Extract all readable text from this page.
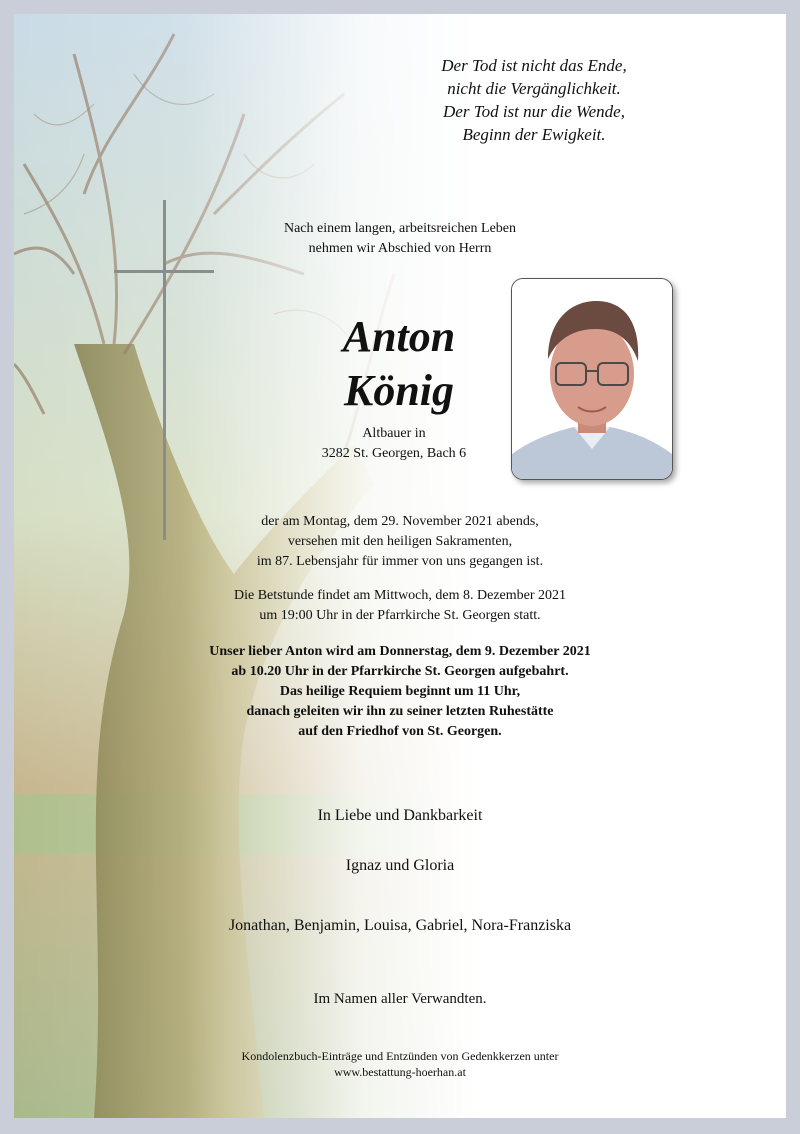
Der Tod ist nicht das Ende,
nicht die Vergänglichkeit.
Der Tod ist nur die Wende,
Beginn der Ewigkeit.
Nach einem langen, arbeitsreichen Leben
nehmen wir Abschied von Herrn
Anton
König
Altbauer in
3282 St. Georgen, Bach 6
der am Montag, dem 29. November 2021 abends,
versehen mit den heiligen Sakramenten,
im 87. Lebensjahr für immer von uns gegangen ist.
Die Betstunde findet am Mittwoch, dem 8. Dezember 2021
um 19:00 Uhr in der Pfarrkirche St. Georgen statt.
Unser lieber Anton wird am Donnerstag, dem 9. Dezember 2021
ab 10.20 Uhr in der Pfarrkirche St. Georgen aufgebahrt.
Das heilige Requiem beginnt um 11 Uhr,
danach geleiten wir ihn zu seiner letzten Ruhestätte
auf den Friedhof von St. Georgen.
In Liebe und Dankbarkeit
Ignaz und Gloria
Jonathan, Benjamin, Louisa, Gabriel, Nora-Franziska
Im Namen aller Verwandten.
Kondolenzbuch-Einträge und Entzünden von Gedenkkerzen unter
www.bestattung-hoerhan.at
